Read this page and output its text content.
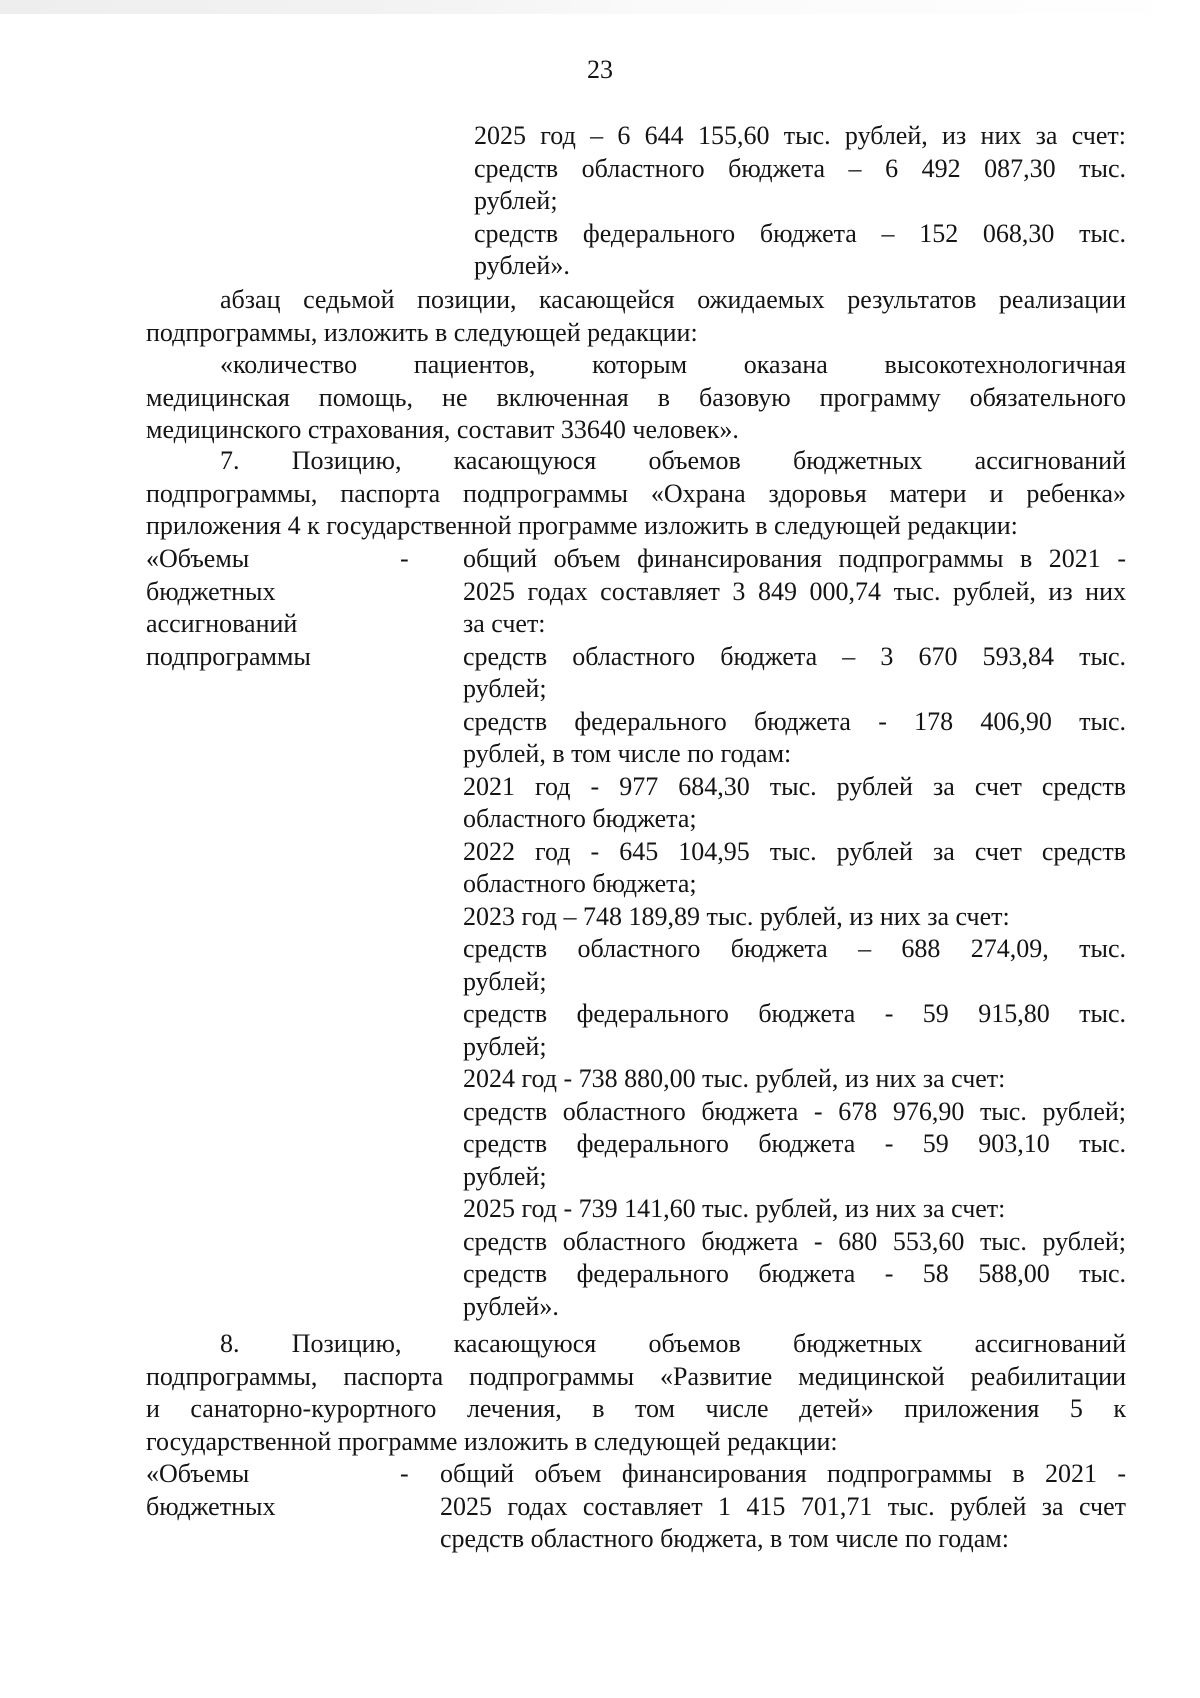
23
2025 год – 6 644 155,60 тыс. рублей, из них за счет:
средств областного бюджета – 6 492 087,30 тыс.
рублей;
средств федерального бюджета – 152 068,30 тыс.
рублей».
абзац седьмой позиции, касающейся ожидаемых результатов реализации
подпрограммы, изложить в следующей редакции:
«количество пациентов, которым оказана высокотехнологичная
медицинская помощь, не включенная в базовую программу обязательного
медицинского страхования, составит 33640 человек».
7. Позицию, касающуюся объемов бюджетных ассигнований
подпрограммы, паспорта подпрограммы «Охрана здоровья матери и ребенка»
приложения 4 к государственной программе изложить в следующей редакции:
«Объемы
бюджетных
ассигнований
подпрограммы
- общий объем финансирования подпрограммы в 2021 -
2025 годах составляет 3 849 000,74 тыс. рублей, из них
за счет:
средств областного бюджета – 3 670 593,84 тыс.
рублей;
средств федерального бюджета - 178 406,90 тыс.
рублей, в том числе по годам:
2021 год - 977 684,30 тыс. рублей за счет средств
областного бюджета;
2022 год - 645 104,95 тыс. рублей за счет средств
областного бюджета;
2023 год – 748 189,89 тыс. рублей, из них за счет:
средств областного бюджета – 688 274,09, тыс.
рублей;
средств федерального бюджета - 59 915,80 тыс.
рублей;
2024 год - 738 880,00 тыс. рублей, из них за счет:
средств областного бюджета - 678 976,90 тыс. рублей;
средств федерального бюджета - 59 903,10 тыс.
рублей;
2025 год - 739 141,60 тыс. рублей, из них за счет:
средств областного бюджета - 680 553,60 тыс. рублей;
средств федерального бюджета - 58 588,00 тыс.
рублей».
8. Позицию, касающуюся объемов бюджетных ассигнований
подпрограммы, паспорта подпрограммы «Развитие медицинской реабилитации
и санаторно-курортного лечения, в том числе детей» приложения 5 к
государственной программе изложить в следующей редакции:
«Объемы
бюджетных
- общий объем финансирования подпрограммы в 2021 -
2025 годах составляет 1 415 701,71 тыс. рублей за счет
средств областного бюджета, в том числе по годам:
